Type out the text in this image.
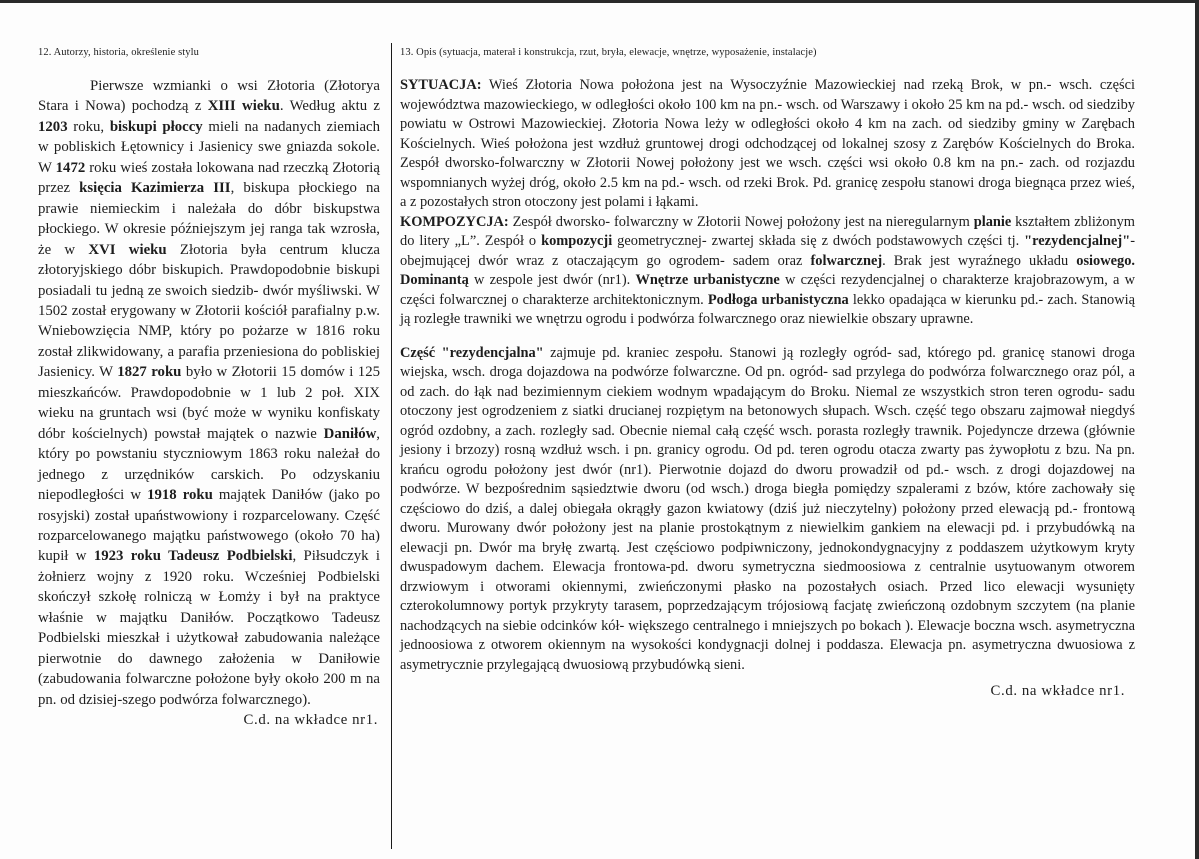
12. Autorzy, historia, określenie stylu

Pierwsze wzmianki o wsi Złotoria (Złotorya Stara i Nowa) pochodzą z XIII wieku. Według aktu z 1203 roku, biskupi płoccy mieli na nadanych ziemiach w pobliskich Łętownicy i Jasienicy swe gniazda sokole. W 1472 roku wieś została lokowana nad rzeczką Złotorią przez księcia Kazimierza III, biskupa płockiego na prawie niemieckim i należała do dóbr biskupstwa płockiego. W okresie późniejszym jej ranga tak wzrosła, że w XVI wieku Złotoria była centrum klucza złotoryjskiego dóbr biskupich. Prawdopodobnie biskupi posiadali tu jedną ze swoich siedzib- dwór myśliwski. W 1502 został erygowany w Złotorii kościół parafialny p.w. Wniebowzięcia NMP, który po pożarze w 1816 roku został zlikwidowany, a parafia przeniesiona do pobliskiej Jasienicy. W 1827 roku było w Złotorii 15 domów i 125 mieszkańców. Prawdopodobnie w 1 lub 2 poł. XIX wieku na gruntach wsi (być może w wyniku konfiskaty dóbr kościelnych) powstał majątek o nazwie Daniłów, który po powstaniu styczniowym 1863 roku należał do jednego z urzędników carskich. Po odzyskaniu niepodległości w 1918 roku majątek Daniłów (jako po rosyjski) został upaństwowiony i rozparcelowany. Część rozparcelowanego majątku państwowego (około 70 ha) kupił w 1923 roku Tadeusz Podbielski, Piłsudczyk i żołnierz wojny z 1920 roku. Wcześniej Podbielski skończył szkołę rolniczą w Łomży i był na praktyce właśnie w majątku Daniłów. Początkowo Tadeusz Podbielski mieszkał i użytkował zabudowania należące pierwotnie do dawnego założenia w Daniłowie (zabudowania folwarczne położone były około 200 m na pn. od dzisiej-szego podwórza folwarcznego).

C.d. na wkładce nr1.

13. Opis (sytuacja, materał i konstrukcja, rzut, bryła, elewacje, wnętrze, wyposażenie, instalacje)

SYTUACJA: Wieś Złotoria Nowa położona jest na Wysoczyźnie Mazowieckiej nad rzeką Brok, w pn.- wsch. części województwa mazowieckiego, w odległości około 100 km na pn.- wsch. od Warszawy i około 25 km na pd.- wsch. od siedziby powiatu w Ostrowi Mazowieckiej. Złotoria Nowa leży w odległości około 4 km na zach. od siedziby gminy w Zarębach Kościelnych. Wieś położona jest wzdłuż gruntowej drogi odchodzącej od lokalnej szosy z Zarębów Kościelnych do Broka. Zespół dworsko-folwarczny w Złotorii Nowej położony jest we wsch. części wsi około 0.8 km na pn.- zach. od rozjazdu wspomnianych wyżej dróg, około 2.5 km na pd.- wsch. od rzeki Brok. Pd. granicę zespołu stanowi droga biegnąca przez wieś, a z pozostałych stron otoczony jest polami i łąkami.

KOMPOZYCJA: Zespół dworsko- folwarczny w Złotorii Nowej położony jest na nieregularnym planie kształtem zbliżonym do litery „L”. Zespół o kompozycji geometrycznej- zwartej składa się z dwóch podstawowych części tj. "rezydencjalnej"- obejmującej dwór wraz z otaczającym go ogrodem- sadem oraz folwarcznej. Brak jest wyraźnego układu osiowego. Dominantą w zespole jest dwór (nr1). Wnętrze urbanistyczne w części rezydencjalnej o charakterze krajobrazowym, a w części folwarcznej o charakterze architektonicznym. Podłoga urbanistyczna lekko opadająca w kierunku pd.- zach. Stanowią ją rozległe trawniki we wnętrzu ogrodu i podwórza folwarcznego oraz niewielkie obszary uprawne.

Część "rezydencjalna" zajmuje pd. kraniec zespołu. Stanowi ją rozległy ogród- sad, którego pd. granicę stanowi droga wiejska, wsch. droga dojazdowa na podwórze folwarczne. Od pn. ogród- sad przylega do podwórza folwarcznego oraz pól, a od zach. do łąk nad bezimiennym ciekiem wodnym wpadającym do Broku. Niemal ze wszystkich stron teren ogrodu- sadu otoczony jest ogrodzeniem z siatki drucianej rozpiętym na betonowych słupach. Wsch. część tego obszaru zajmował niegdyś ogród ozdobny, a zach. rozległy sad. Obecnie niemal całą część wsch. porasta rozległy trawnik. Pojedyncze drzewa (głównie jesiony i brzozy) rosną wzdłuż wsch. i pn. granicy ogrodu. Od pd. teren ogrodu otacza zwarty pas żywopłotu z bzu. Na pn. krańcu ogrodu położony jest dwór (nr1). Pierwotnie dojazd do dworu prowadził od pd.- wsch. z drogi dojazdowej na podwórze. W bezpośrednim sąsiedztwie dworu (od wsch.) droga biegła pomiędzy szpalerami z bzów, które zachowały się częściowo do dziś, a dalej obiegała okrągły gazon kwiatowy (dziś już nieczytelny) położony przed elewacją pd.- frontową dworu. Murowany dwór położony jest na planie prostokątnym z niewielkim gankiem na elewacji pd. i przybudówką na elewacji pn. Dwór ma bryłę zwartą. Jest częściowo podpiwniczony, jednokondygnacyjny z poddaszem użytkowym kryty dwuspadowym dachem. Elewacja frontowa-pd. dworu symetryczna siedmoosiowa z centralnie usytuowanym otworem drzwiowym i otworami okiennymi, zwieńczonymi płasko na pozostałych osiach. Przed lico elewacji wysunięty czterokolumnowy portyk przykryty tarasem, poprzedzającym trójosiową facjatę zwieńczoną ozdobnym szczytem (na planie nachodzących na siebie odcinków kół- większego centralnego i mniejszych po bokach ). Elewacje boczna wsch. asymetryczna jednoosiowa z otworem okiennym na wysokości kondygnacji dolnej i poddasza. Elewacja pn. asymetryczna dwuosiowa z asymetrycznie przylegającą dwuosiową przybudówką sieni.

C.d. na wkładce nr1.
